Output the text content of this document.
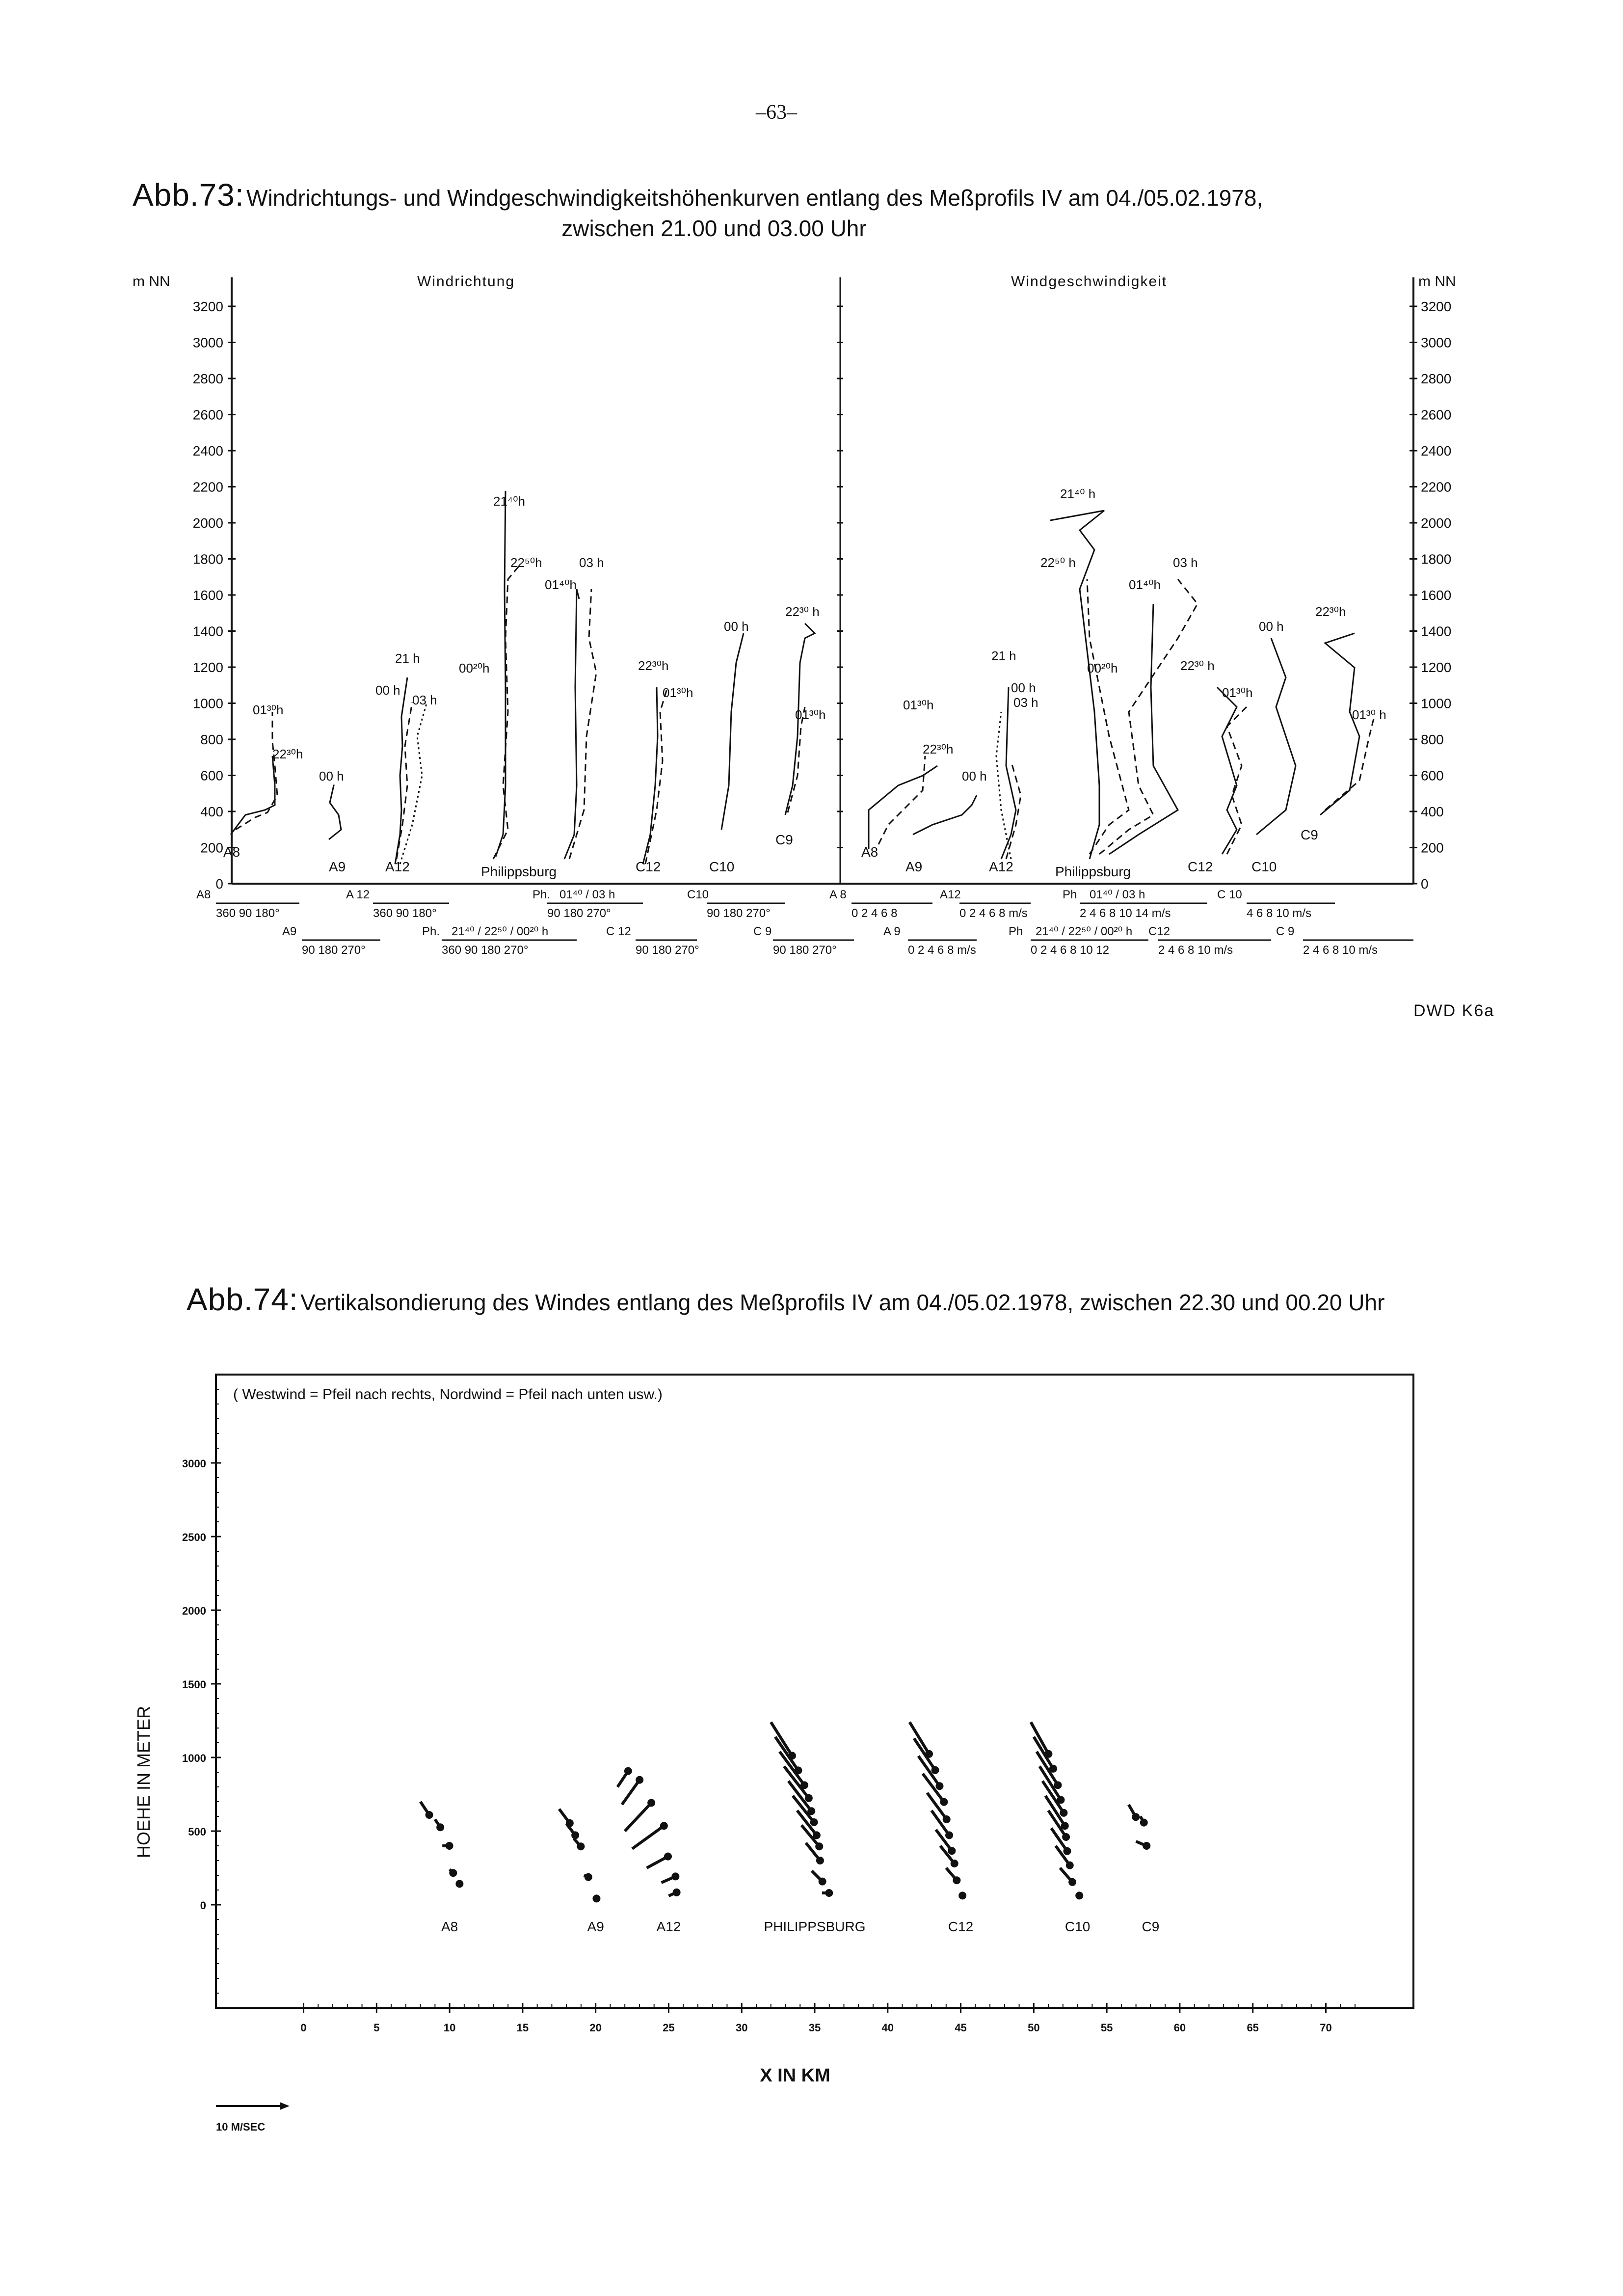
–63–
Abb.73: Windrichtungs- und Windgeschwindigkeitshöhenkurven entlang des Meßprofils IV am 04./05.02.1978,
zwischen 21.00 und 03.00 Uhr
m NN	m NN
Windrichtung	Windgeschwindigkeit
0	0
200	200
400	400
600	600
800	800
1000	1000
1200	1200
1400	1400
1600	1600
1800	1800
2000	2000
2200	2200
2400	2400
2600	2600
2800	2800
3000	3000
3200	3200
01³⁰h
22³⁰h
00 h
21 h
00 h
03 h
21⁴⁰h
22⁵⁰h	03 h
01⁴⁰h
00²⁰h	22³⁰h
01³⁰h
00 h
22³⁰ h
01³⁰h
01³⁰h
22³⁰h
00 h
21 h
00 h
03 h
21⁴⁰ h
22⁵⁰ h	03 h
01⁴⁰h
00²⁰h	22³⁰ h
01³⁰h
00 h
22³⁰h
01³⁰ h
A8
A9	A12	Philippsburg	C12	C10
C9
A8
A9	A12	Philippsburg	C12	C10
C9
A8
360 90 180°
A9
90 180 270°
A 12
360 90 180°
Ph. 21⁴⁰ / 22⁵⁰ / 00²⁰ h
360 90 180 270°
Ph. 01⁴⁰ / 03 h
90 180 270°
C 12
90 180 270°
C10
90 180 270°
C 9
90 180 270°
A 8
0 2 4 6 8
A 9
0 2 4 6 8 m/s
A12
0 2 4 6 8 m/s
Ph 01⁴⁰ / 03 h
2 4 6 8 10 14 m/s
Ph 21⁴⁰ / 22⁵⁰ / 00²⁰ h
0 2 4 6 8 10 12
C12
2 4 6 8 10 m/s
C 10
4 6 8 10 m/s
C 9
2 4 6 8 10 m/s
DWD K6a
Abb.74: Vertikalsondierung des Windes entlang des Meßprofils IV am 04./05.02.1978, zwischen 22.30 und 00.20 Uhr
( Westwind = Pfeil nach rechts, Nordwind = Pfeil nach unten usw.)
0
500
1000
1500
2000
2500
3000
0	5	10	15	20	25	30	35	40	45	50	55	60	65	70
A8	A9	A12	PHILIPPSBURG	C12	C10	C9
X IN KM
HOEHE IN METER
10 M/SEC
